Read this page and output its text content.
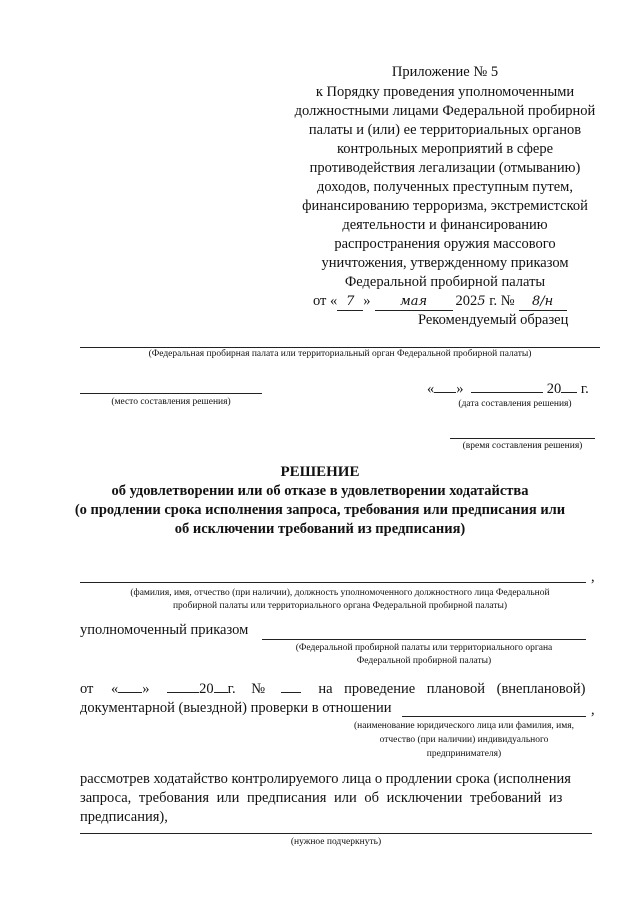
Приложение № 5
к Порядку проведения уполномоченными
должностными лицами Федеральной пробирной
палаты и (или) ее территориальных органов
контрольных мероприятий в сфере
противодействия легализации (отмыванию)
доходов, полученных преступным путем,
финансированию терроризма, экстремистской
деятельности и финансированию
распространения оружия массового
уничтожения, утвержденному приказом
Федеральной пробирной палаты
от « 7 » мая 2025 г. № 8/н
Рекомендуемый образец
(Федеральная пробирная палата или территориальный орган Федеральной пробирной палаты)
(место составления решения)
« »	20 г.
(дата составления решения)
(время составления решения)
РЕШЕНИЕ
об удовлетворении или об отказе в удовлетворении ходатайства
(о продлении срока исполнения запроса, требования или предписания или
об исключении требований из предписания)
,
(фамилия, имя, отчество (при наличии), должность уполномоченного должностного лица Федеральной
пробирной палаты или территориального органа Федеральной пробирной палаты)
уполномоченный приказом
(Федеральной пробирной палаты или территориального органа
Федеральной пробирной палаты)
от « »	20 г. №	на проведение плановой (внеплановой)
документарной (выездной) проверки в отношении	,
(наименование юридического лица или фамилия, имя,
отчество (при наличии) индивидуального
предпринимателя)
рассмотрев ходатайство контролируемого лица о продлении срока (исполнения
запроса, требования или предписания или об исключении требований из
предписания),
(нужное подчеркнуть)
